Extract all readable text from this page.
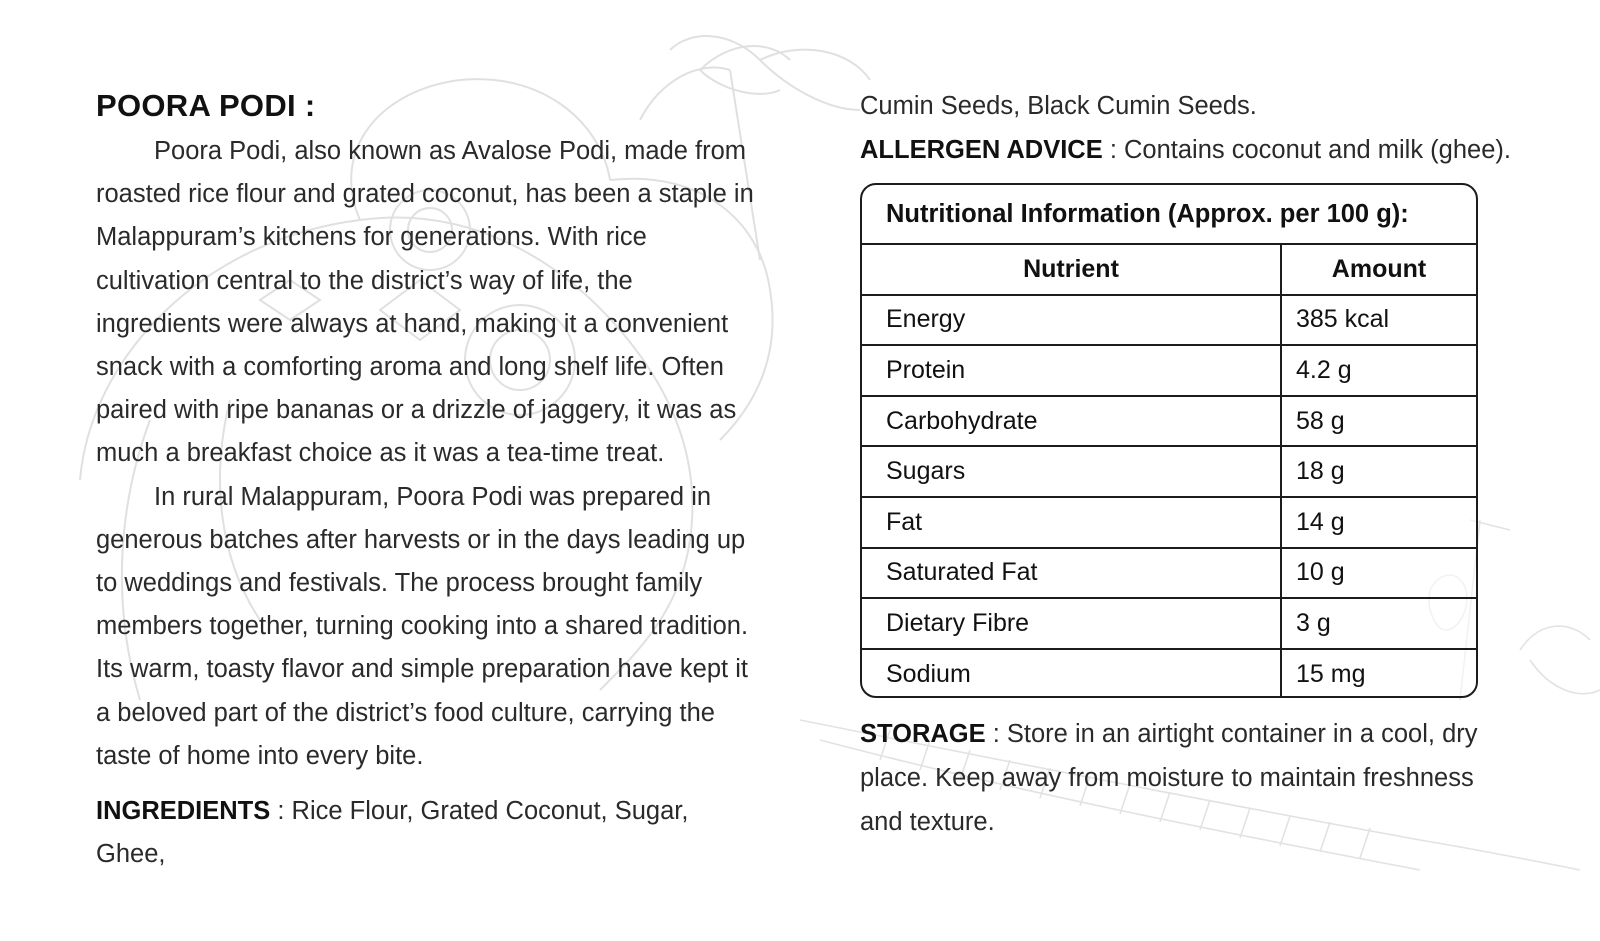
POORA PODI :

Poora Podi, also known as Avalose Podi, made from roasted rice flour and grated coconut, has been a staple in Malappuram’s kitchens for generations. With rice cultivation central to the district’s way of life, the ingredients were always at hand, making it a convenient snack with a comforting aroma and long shelf life. Often paired with ripe bananas or a drizzle of jaggery, it was as much a breakfast choice as it was a tea-time treat.

In rural Malappuram, Poora Podi was prepared in generous batches after harvests or in the days leading up to weddings and festivals. The process brought family members together, turning cooking into a shared tradition. Its warm, toasty flavor and simple preparation have kept it a beloved part of the district’s food culture, carrying the taste of home into every bite.

INGREDIENTS : Rice Flour, Grated Coconut, Sugar, Ghee,

Cumin Seeds, Black Cumin Seeds.

ALLERGEN ADVICE : Contains coconut and milk (ghee).

Nutritional Information (Approx. per 100 g):
Nutrient	Amount
Energy	385 kcal
Protein	4.2 g
Carbohydrate	58 g
Sugars	18 g
Fat	14 g
Saturated Fat	10 g
Dietary Fibre	3 g
Sodium	15 mg

STORAGE : Store in an airtight container in a cool, dry place. Keep away from moisture to maintain freshness and texture.
